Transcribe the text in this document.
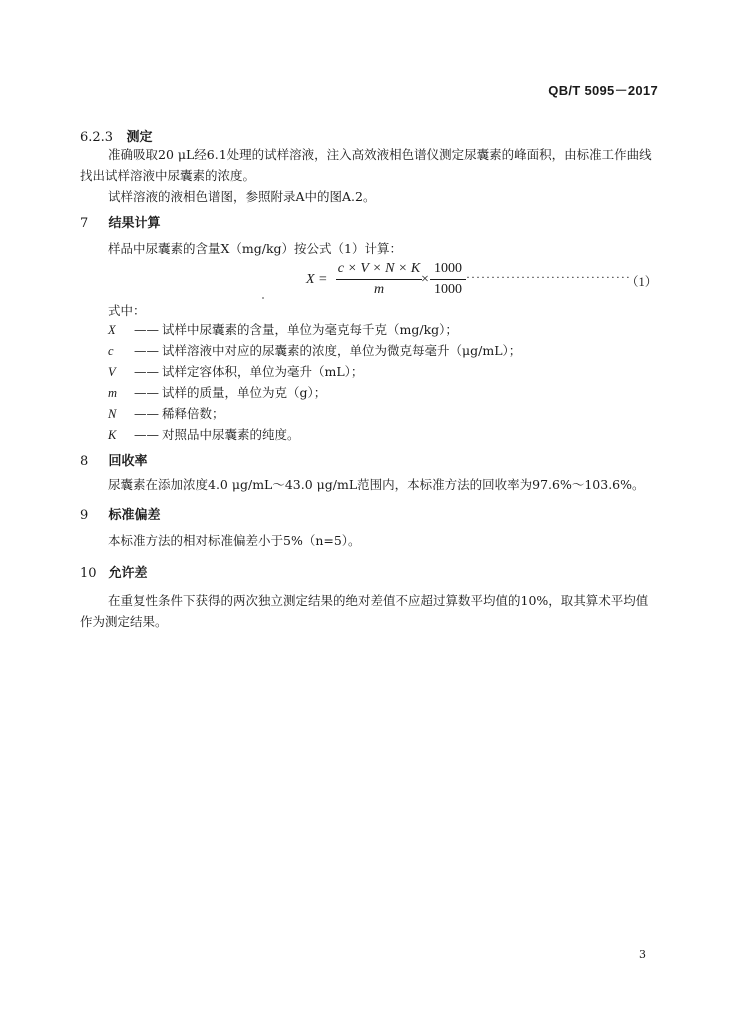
QB/T 5095－2017
6.2.3 测定
准确吸取20 μL经6.1处理的试样溶液，注入高效液相色谱仪测定尿囊素的峰面积，由标准工作曲线
找出试样溶液中尿囊素的浓度。
试样溶液的液相色谱图，参照附录A中的图A.2。
7 结果计算
样品中尿囊素的含量X（mg/kg）按公式（1）计算：
X =
c × V × N × K
m
×
1000
1000
·································
（1）
式中：
X —— 试样中尿囊素的含量，单位为毫克每千克（mg/kg）；
c —— 试样溶液中对应的尿囊素的浓度，单位为微克每毫升（μg/mL）；
V —— 试样定容体积，单位为毫升（mL）；
m —— 试样的质量，单位为克（g）；
N —— 稀释倍数；
K —— 对照品中尿囊素的纯度。
8 回收率
尿囊素在添加浓度4.0 μg/mL～43.0 μg/mL范围内，本标准方法的回收率为97.6%～103.6%。
9 标准偏差
本标准方法的相对标准偏差小于5%（n=5）。
10 允许差
在重复性条件下获得的两次独立测定结果的绝对差值不应超过算数平均值的10%，取其算术平均值
作为测定结果。
3
